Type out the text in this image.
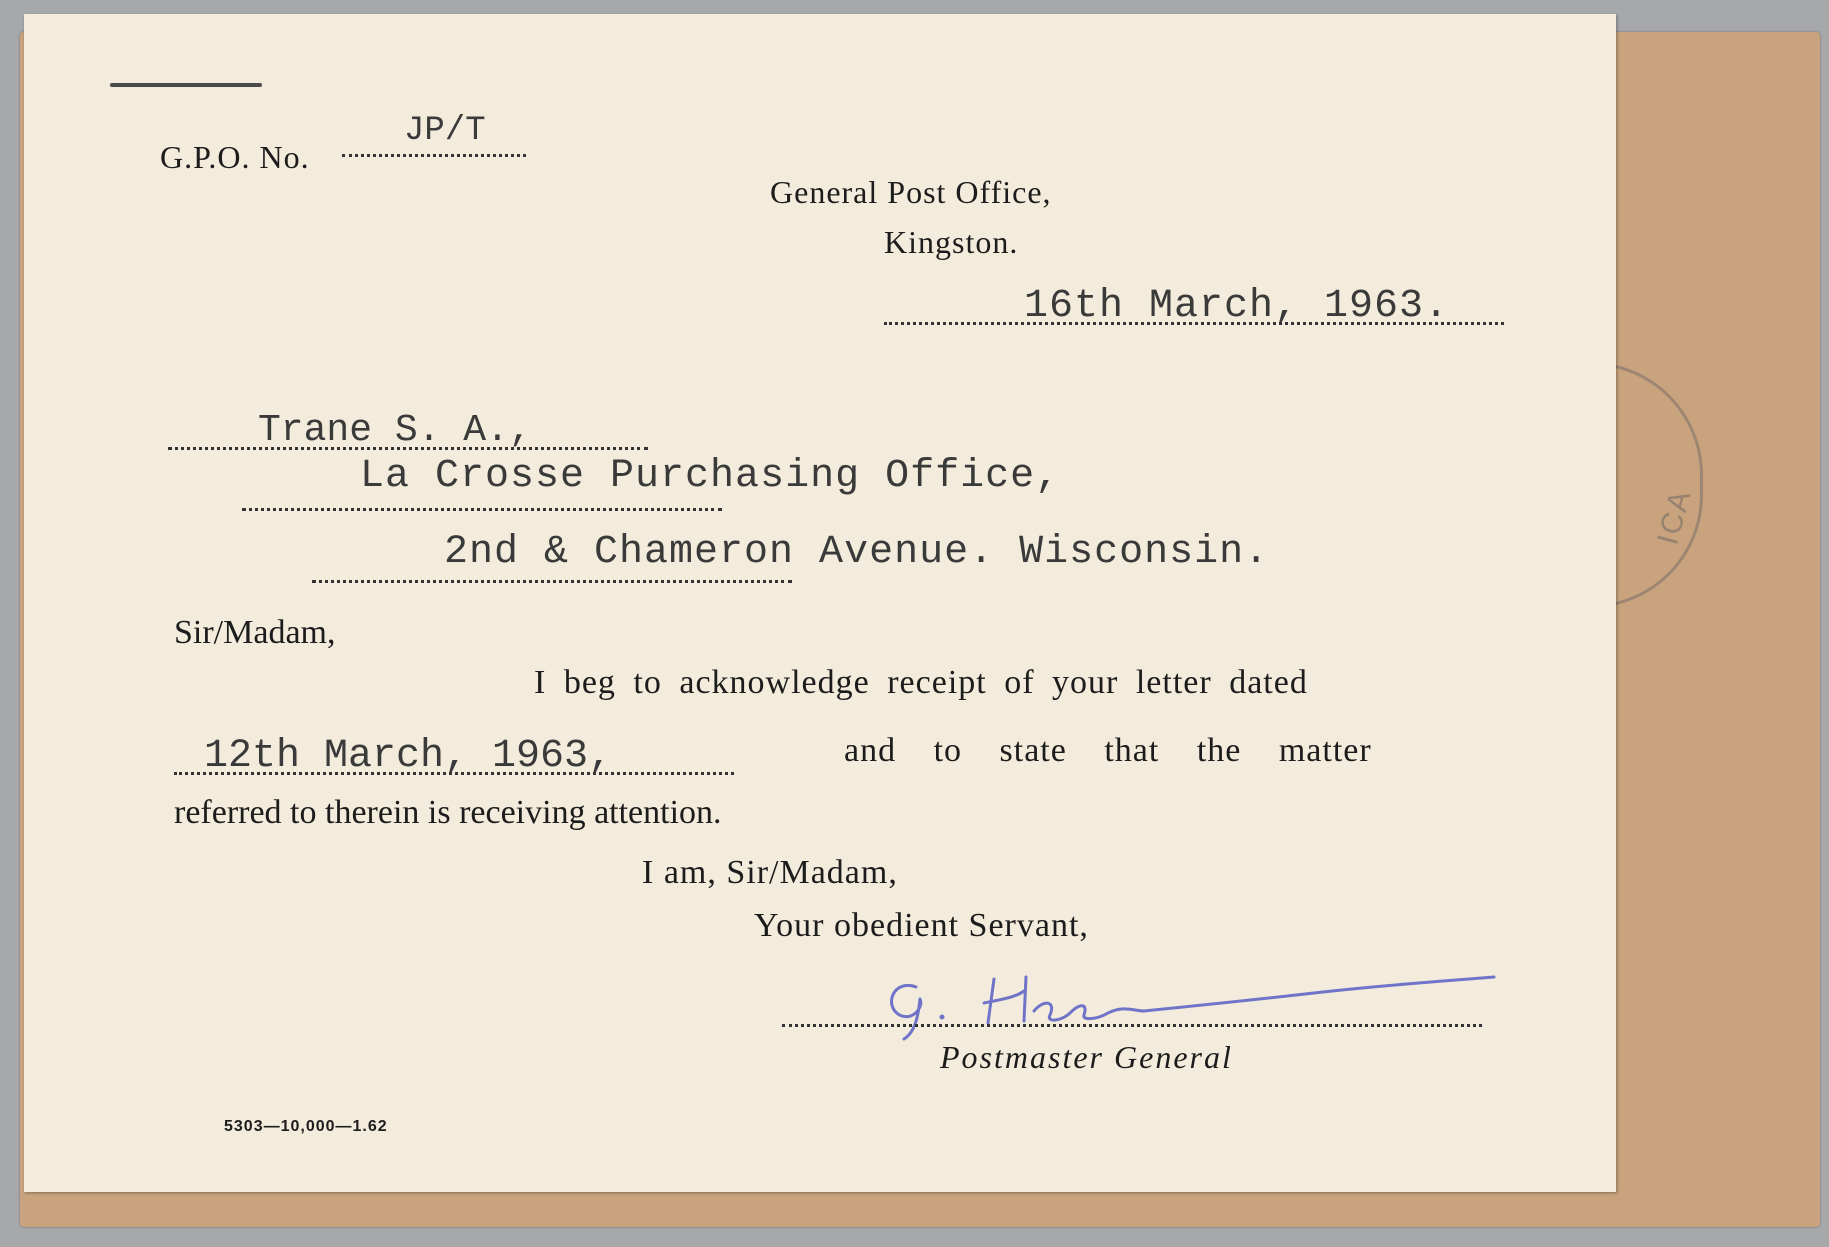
ICA
G.P.O. No.
JP/T
General Post Office,
Kingston.
16th March, 1963.
Trane S. A.,
La Crosse Purchasing Office,
2nd & Chameron Avenue. Wisconsin.
Sir/Madam,
I beg to acknowledge receipt of your letter dated
12th March, 1963,	and to state that the matter
referred to therein is receiving attention.
I am, Sir/Madam,
Your obedient Servant,
Postmaster General
5303—10,000—1.62
